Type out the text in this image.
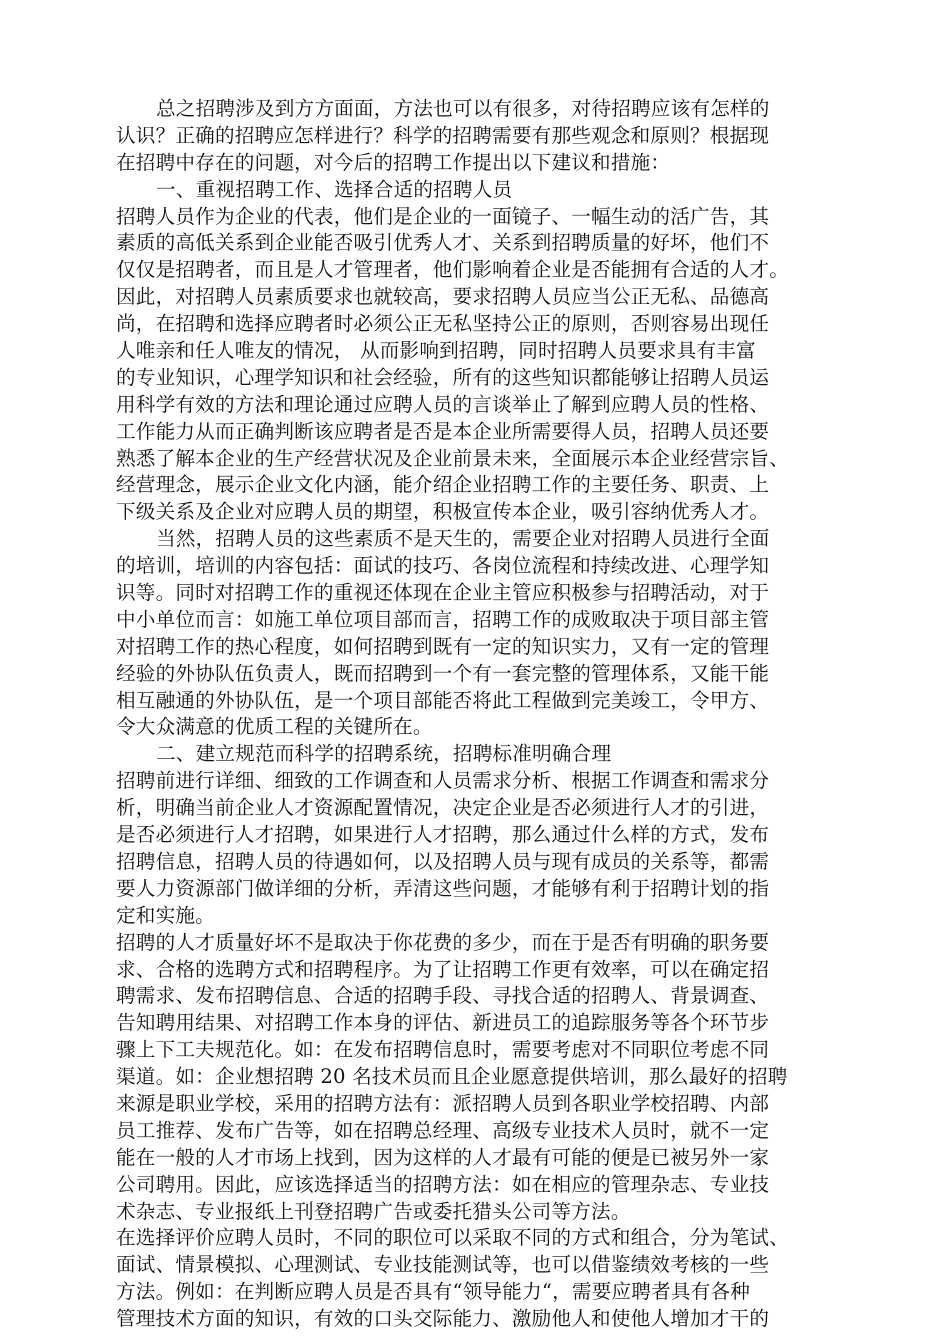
总之招聘涉及到方方面面，方法也可以有很多，对待招聘应该有怎样的
认识？正确的招聘应怎样进行？科学的招聘需要有那些观念和原则？根据现
在招聘中存在的问题，对今后的招聘工作提出以下建议和措施：
一、重视招聘工作、选择合适的招聘人员
招聘人员作为企业的代表，他们是企业的一面镜子、一幅生动的活广告，其
素质的高低关系到企业能否吸引优秀人才、关系到招聘质量的好坏，他们不
仅仅是招聘者，而且是人才管理者，他们影响着企业是否能拥有合适的人才。
因此，对招聘人员素质要求也就较高，要求招聘人员应当公正无私、品德高
尚，在招聘和选择应聘者时必须公正无私坚持公正的原则，否则容易出现任
人唯亲和任人唯友的情况， 从而影响到招聘，同时招聘人员要求具有丰富
的专业知识，心理学知识和社会经验，所有的这些知识都能够让招聘人员运
用科学有效的方法和理论通过应聘人员的言谈举止了解到应聘人员的性格、
工作能力从而正确判断该应聘者是否是本企业所需要得人员，招聘人员还要
熟悉了解本企业的生产经营状况及企业前景未来，全面展示本企业经营宗旨、
经营理念，展示企业文化内涵，能介绍企业招聘工作的主要任务、职责、上
下级关系及企业对应聘人员的期望，积极宣传本企业，吸引容纳优秀人才。
当然，招聘人员的这些素质不是天生的，需要企业对招聘人员进行全面
的培训，培训的内容包括：面试的技巧、各岗位流程和持续改进、心理学知
识等。同时对招聘工作的重视还体现在企业主管应积极参与招聘活动，对于
中小单位而言：如施工单位项目部而言，招聘工作的成败取决于项目部主管
对招聘工作的热心程度，如何招聘到既有一定的知识实力，又有一定的管理
经验的外协队伍负责人，既而招聘到一个有一套完整的管理体系，又能干能
相互融通的外协队伍，是一个项目部能否将此工程做到完美竣工，令甲方、
令大众满意的优质工程的关键所在。
二、建立规范而科学的招聘系统，招聘标准明确合理
招聘前进行详细、细致的工作调查和人员需求分析、根据工作调查和需求分
析，明确当前企业人才资源配置情况，决定企业是否必须进行人才的引进，
是否必须进行人才招聘，如果进行人才招聘，那么通过什么样的方式，发布
招聘信息，招聘人员的待遇如何，以及招聘人员与现有成员的关系等，都需
要人力资源部门做详细的分析，弄清这些问题，才能够有利于招聘计划的指
定和实施。
招聘的人才质量好坏不是取决于你花费的多少，而在于是否有明确的职务要
求、合格的选聘方式和招聘程序。为了让招聘工作更有效率，可以在确定招
聘需求、发布招聘信息、合适的招聘手段、寻找合适的招聘人、背景调查、
告知聘用结果、对招聘工作本身的评估、新进员工的追踪服务等各个环节步
骤上下工夫规范化。如：在发布招聘信息时，需要考虑对不同职位考虑不同
渠道。如：企业想招聘 20 名技术员而且企业愿意提供培训，那么最好的招聘
来源是职业学校，采用的招聘方法有：派招聘人员到各职业学校招聘、内部
员工推荐、发布广告等，如在招聘总经理、高级专业技术人员时，就不一定
能在一般的人才市场上找到，因为这样的人才最有可能的便是已被另外一家
公司聘用。因此，应该选择适当的招聘方法：如在相应的管理杂志、专业技
术杂志、专业报纸上刊登招聘广告或委托猎头公司等方法。
在选择评价应聘人员时，不同的职位可以采取不同的方式和组合，分为笔试、
面试、情景模拟、心理测试、专业技能测试等，也可以借鉴绩效考核的一些
方法。例如：在判断应聘人员是否具有“领导能力“，需要应聘者具有各种
管理技术方面的知识，有效的口头交际能力、激励他人和使他人增加才干的
